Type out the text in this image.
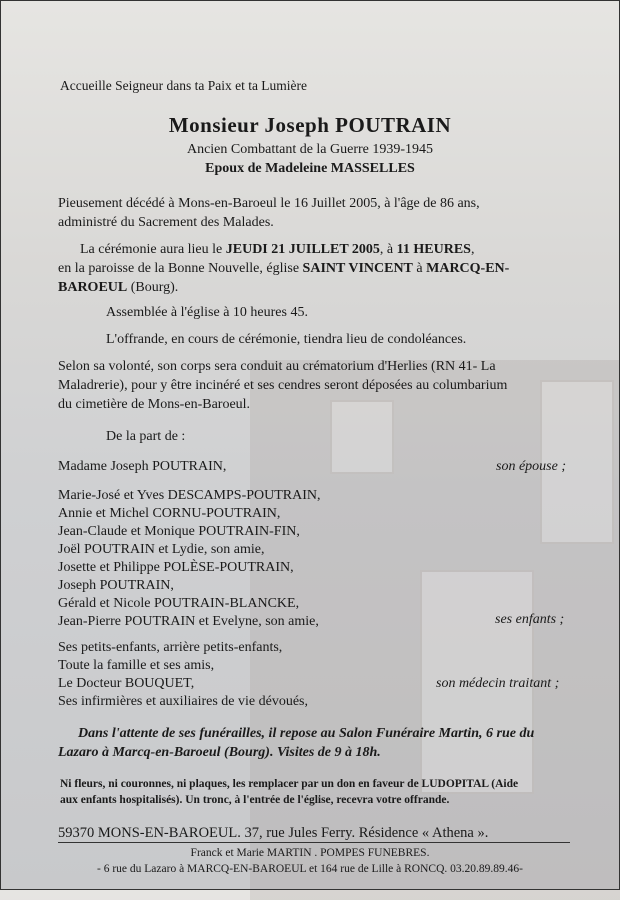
Accueille Seigneur dans ta Paix et ta Lumière
Monsieur Joseph POUTRAIN
Ancien Combattant de la Guerre 1939-1945
Epoux de Madeleine MASSELLES
Pieusement décédé à Mons-en-Baroeul le 16 Juillet 2005, à l'âge de 86 ans,
administré du Sacrement des Malades.
La cérémonie aura lieu le JEUDI 21 JUILLET 2005, à 11 HEURES,
en la paroisse de la Bonne Nouvelle, église SAINT VINCENT à MARCQ-EN-
BAROEUL (Bourg).
Assemblée à l'église à 10 heures 45.
L'offrande, en cours de cérémonie, tiendra lieu de condoléances.
Selon sa volonté, son corps sera conduit au crématorium d'Herlies (RN 41- La
Maladrerie), pour y être incinéré et ses cendres seront déposées au columbarium
du cimetière de Mons-en-Baroeul.
De la part de :
Madame Joseph POUTRAIN,	son épouse ;
Marie-José et Yves DESCAMPS-POUTRAIN,
Annie et Michel CORNU-POUTRAIN,
Jean-Claude et Monique POUTRAIN-FIN,
Joël POUTRAIN et Lydie, son amie,
Josette et Philippe POLÈSE-POUTRAIN,
Joseph POUTRAIN,
Gérald et Nicole POUTRAIN-BLANCKE,
Jean-Pierre POUTRAIN et Evelyne, son amie,	ses enfants ;
Ses petits-enfants, arrière petits-enfants,
Toute la famille et ses amis,
Le Docteur BOUQUET,
Ses infirmières et auxiliaires de vie dévoués,
son médecin traitant ;
Dans l'attente de ses funérailles, il repose au Salon Funéraire Martin, 6 rue du
Lazaro à Marcq-en-Baroeul (Bourg). Visites de 9 à 18h.
Ni fleurs, ni couronnes, ni plaques, les remplacer par un don en faveur de LUDOPITAL (Aide
aux enfants hospitalisés). Un tronc, à l'entrée de l'église, recevra votre offrande.
59370 MONS-EN-BAROEUL. 37, rue Jules Ferry. Résidence « Athena ».
Franck et Marie MARTIN . POMPES FUNEBRES.
- 6 rue du Lazaro à MARCQ-EN-BAROEUL et 164 rue de Lille à RONCQ. 03.20.89.89.46-
